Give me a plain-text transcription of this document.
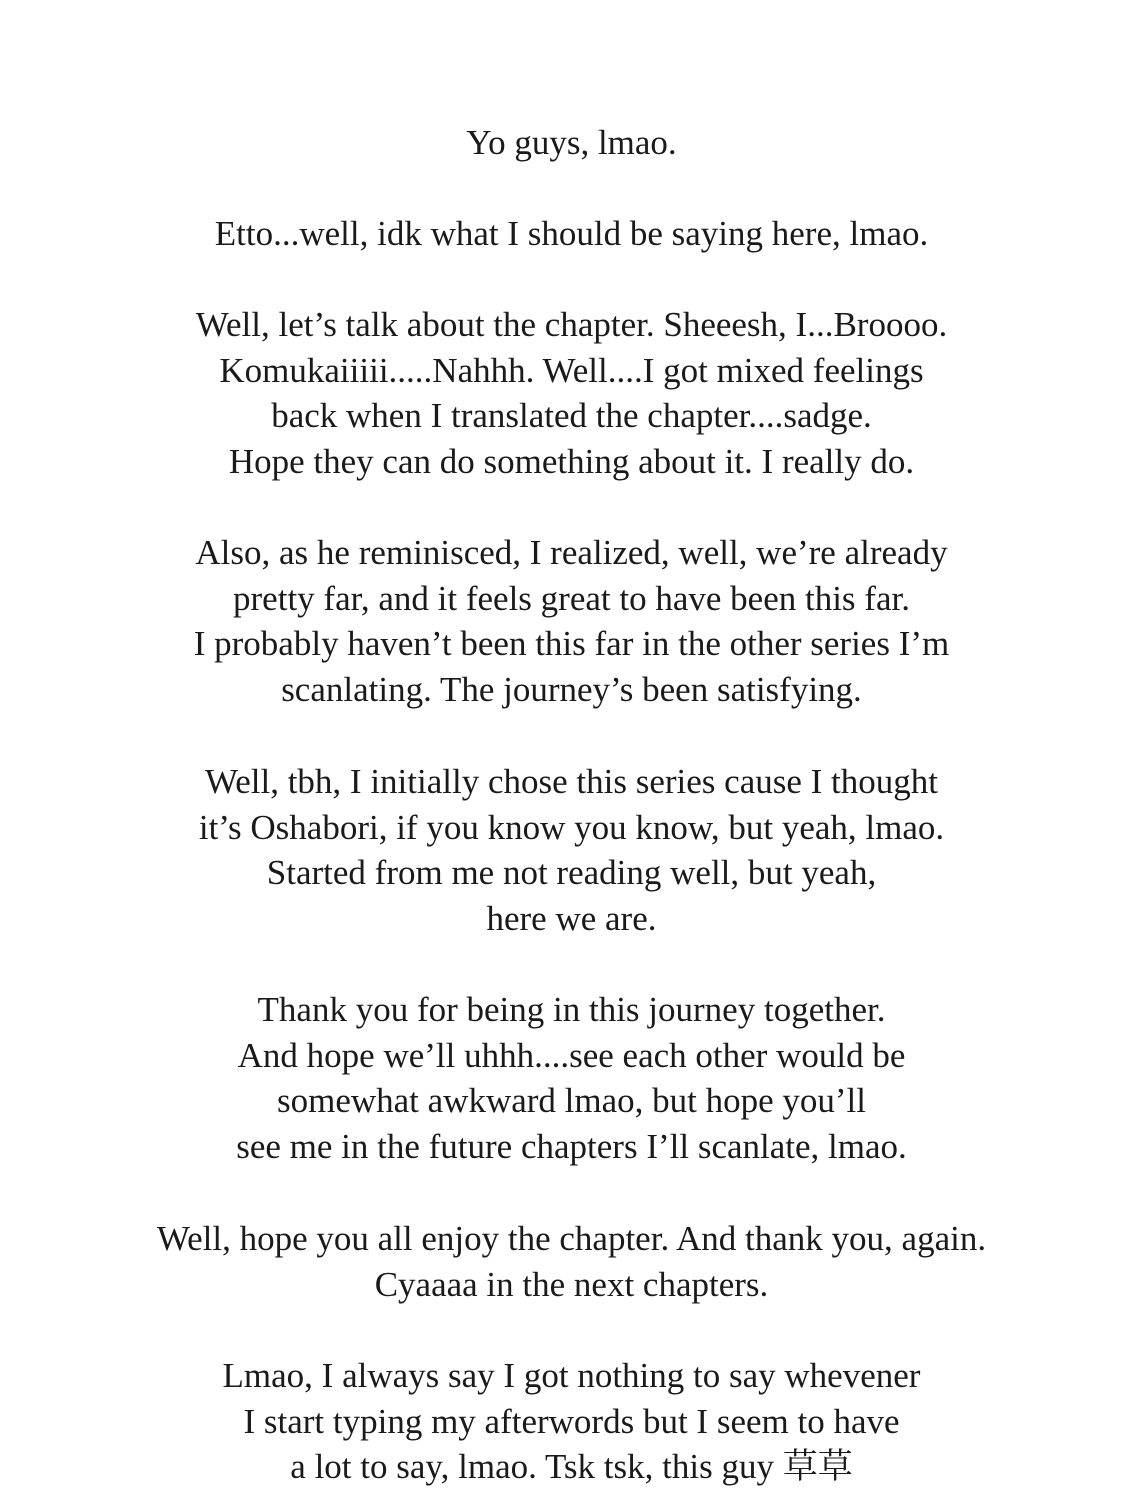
Yo guys, lmao.
Etto...well, idk what I should be saying here, lmao.
Well, let’s talk about the chapter. Sheeesh, I...Broooo.
Komukaiiiii.....Nahhh. Well....I got mixed feelings
back when I translated the chapter....sadge.
Hope they can do something about it. I really do.
Also, as he reminisced, I realized, well, we’re already
pretty far, and it feels great to have been this far.
I probably haven’t been this far in the other series I’m
scanlating. The journey’s been satisfying.
Well, tbh, I initially chose this series cause I thought
it’s Oshabori, if you know you know, but yeah, lmao.
Started from me not reading well, but yeah,
here we are.
Thank you for being in this journey together.
And hope we’ll uhhh....see each other would be
somewhat awkward lmao, but hope you’ll
see me in the future chapters I’ll scanlate, lmao.
Well, hope you all enjoy the chapter. And thank you, again.
Cyaaaa in the next chapters.
Lmao, I always say I got nothing to say whevener
I start typing my afterwords but I seem to have
a lot to say, lmao. Tsk tsk, this guy 草草
